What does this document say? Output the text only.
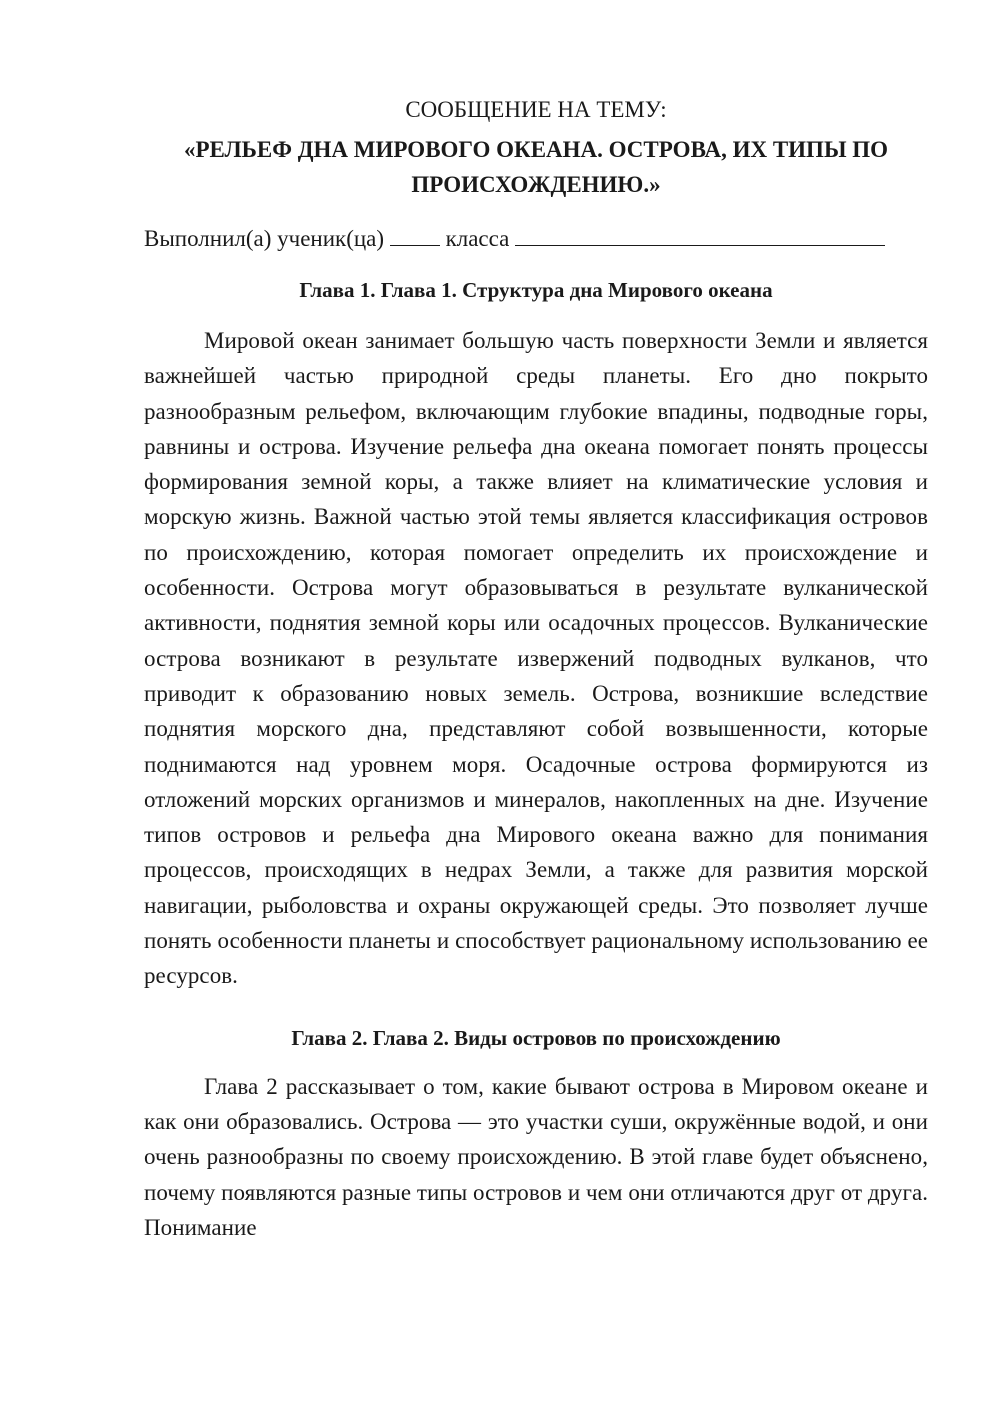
СООБЩЕНИЕ НА ТЕМУ:

«РЕЛЬЕФ ДНА МИРОВОГО ОКЕАНА. ОСТРОВА, ИХ ТИПЫ ПО ПРОИСХОЖДЕНИЮ.»

Выполнил(а) ученик(ца)	класса

Глава 1. Глава 1. Структура дна Мирового океана

Мировой океан занимает большую часть поверхности Земли и является важнейшей частью природной среды планеты. Его дно покрыто разнообразным рельефом, включающим глубокие впадины, подводные горы, равнины и острова. Изучение рельефа дна океана помогает понять процессы формирования земной коры, а также влияет на климатические условия и морскую жизнь. Важной частью этой темы является классификация островов по происхождению, которая помогает определить их происхождение и особенности. Острова могут образовываться в результате вулканической активности, поднятия земной коры или осадочных процессов. Вулканические острова возникают в результате извержений подводных вулканов, что приводит к образованию новых земель. Острова, возникшие вследствие поднятия морского дна, представляют собой возвышенности, которые поднимаются над уровнем моря. Осадочные острова формируются из отложений морских организмов и минералов, накопленных на дне. Изучение типов островов и рельефа дна Мирового океана важно для понимания процессов, происходящих в недрах Земли, а также для развития морской навигации, рыболовства и охраны окружающей среды. Это позволяет лучше понять особенности планеты и способствует рациональному использованию ее ресурсов.

Глава 2. Глава 2. Виды островов по происхождению

Глава 2 рассказывает о том, какие бывают острова в Мировом океане и как они образовались. Острова — это участки суши, окружённые водой, и они очень разнообразны по своему происхождению. В этой главе будет объяснено, почему появляются разные типы островов и чем они отличаются друг от друга. Понимание
